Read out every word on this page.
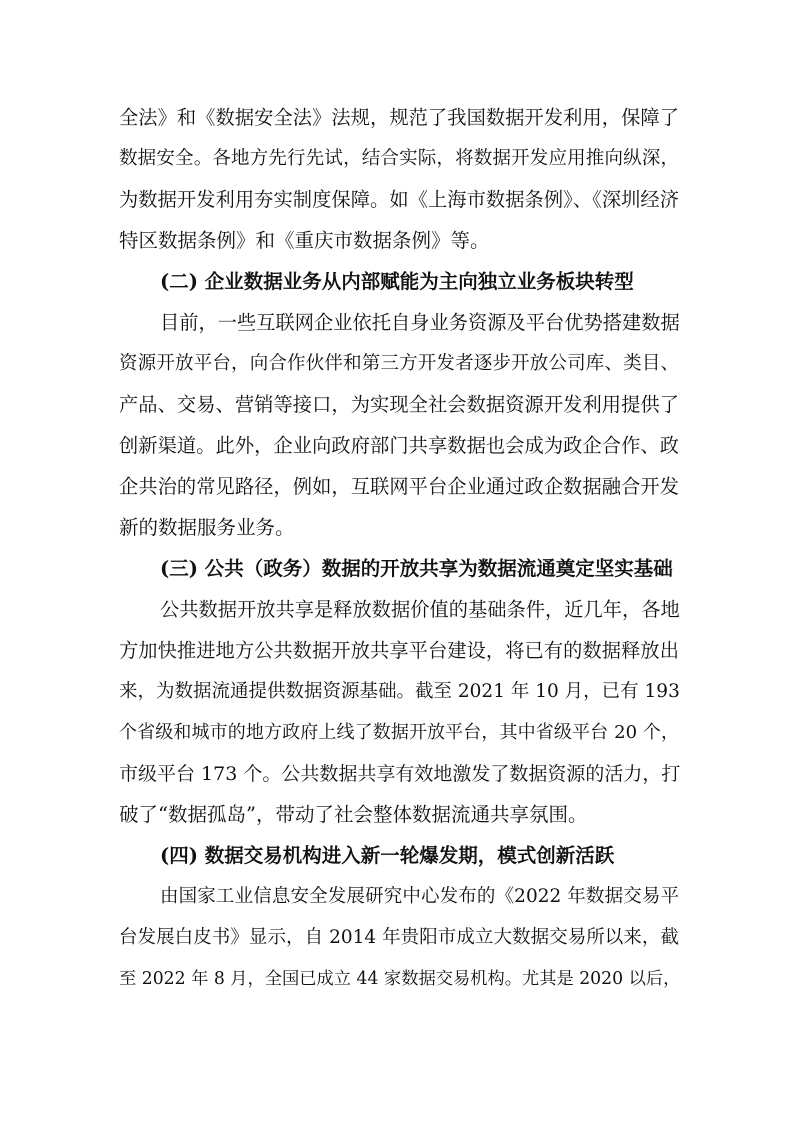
全法》和《数据安全法》法规，规范了我国数据开发利用，保障了
数据安全。各地方先行先试，结合实际，将数据开发应用推向纵深，
为数据开发利用夯实制度保障。如《上海市数据条例》、《深圳经济
特区数据条例》和《重庆市数据条例》等。
(二) 企业数据业务从内部赋能为主向独立业务板块转型
目前，一些互联网企业依托自身业务资源及平台优势搭建数据
资源开放平台，向合作伙伴和第三方开发者逐步开放公司库、类目、
产品、交易、营销等接口，为实现全社会数据资源开发利用提供了
创新渠道。此外，企业向政府部门共享数据也会成为政企合作、政
企共治的常见路径，例如，互联网平台企业通过政企数据融合开发
新的数据服务业务。
(三) 公共（政务）数据的开放共享为数据流通奠定坚实基础
公共数据开放共享是释放数据价值的基础条件，近几年，各地
方加快推进地方公共数据开放共享平台建设，将已有的数据释放出
来，为数据流通提供数据资源基础。截至 2021 年 10 月，已有 193
个省级和城市的地方政府上线了数据开放平台，其中省级平台 20 个，
市级平台 173 个。公共数据共享有效地激发了数据资源的活力，打
破了“数据孤岛”，带动了社会整体数据流通共享氛围。
(四) 数据交易机构进入新一轮爆发期，模式创新活跃
由国家工业信息安全发展研究中心发布的《2022 年数据交易平
台发展白皮书》显示，自 2014 年贵阳市成立大数据交易所以来，截
至 2022 年 8 月，全国已成立 44 家数据交易机构。尤其是 2020 以后，
